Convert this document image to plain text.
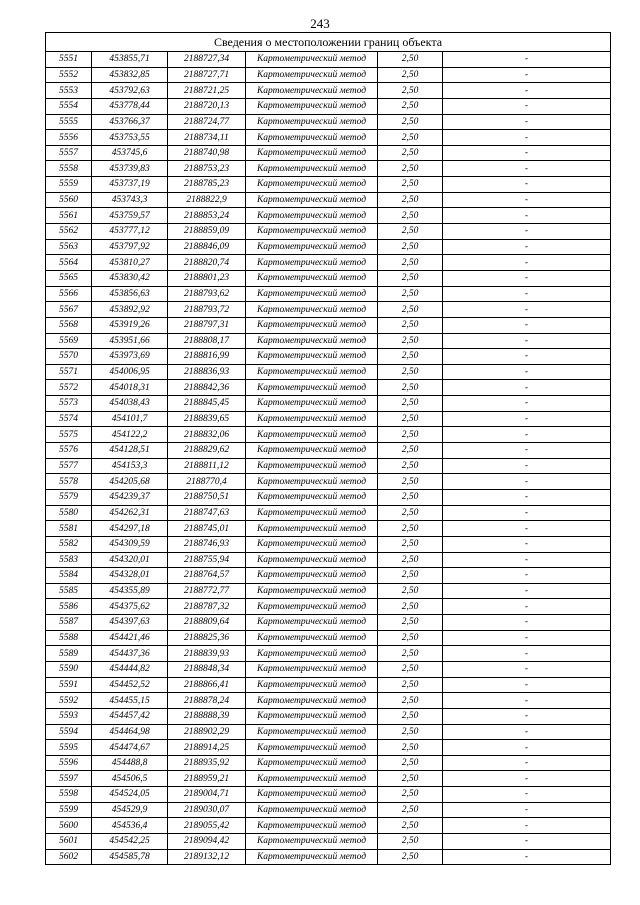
243
Сведения о местоположении границ объекта					
5551	453855,71	2188727,34	Картометрический метод	2,50	-
5552	453832,85	2188727,71	Картометрический метод	2,50	-
5553	453792,63	2188721,25	Картометрический метод	2,50	-
5554	453778,44	2188720,13	Картометрический метод	2,50	-
5555	453766,37	2188724,77	Картометрический метод	2,50	-
5556	453753,55	2188734,11	Картометрический метод	2,50	-
5557	453745,6	2188740,98	Картометрический метод	2,50	-
5558	453739,83	2188753,23	Картометрический метод	2,50	-
5559	453737,19	2188785,23	Картометрический метод	2,50	-
5560	453743,3	2188822,9	Картометрический метод	2,50	-
5561	453759,57	2188853,24	Картометрический метод	2,50	-
5562	453777,12	2188859,09	Картометрический метод	2,50	-
5563	453797,92	2188846,09	Картометрический метод	2,50	-
5564	453810,27	2188820,74	Картометрический метод	2,50	-
5565	453830,42	2188801,23	Картометрический метод	2,50	-
5566	453856,63	2188793,62	Картометрический метод	2,50	-
5567	453892,92	2188793,72	Картометрический метод	2,50	-
5568	453919,26	2188797,31	Картометрический метод	2,50	-
5569	453951,66	2188808,17	Картометрический метод	2,50	-
5570	453973,69	2188816,99	Картометрический метод	2,50	-
5571	454006,95	2188836,93	Картометрический метод	2,50	-
5572	454018,31	2188842,36	Картометрический метод	2,50	-
5573	454038,43	2188845,45	Картометрический метод	2,50	-
5574	454101,7	2188839,65	Картометрический метод	2,50	-
5575	454122,2	2188832,06	Картометрический метод	2,50	-
5576	454128,51	2188829,62	Картометрический метод	2,50	-
5577	454153,3	2188811,12	Картометрический метод	2,50	-
5578	454205,68	2188770,4	Картометрический метод	2,50	-
5579	454239,37	2188750,51	Картометрический метод	2,50	-
5580	454262,31	2188747,63	Картометрический метод	2,50	-
5581	454297,18	2188745,01	Картометрический метод	2,50	-
5582	454309,59	2188746,93	Картометрический метод	2,50	-
5583	454320,01	2188755,94	Картометрический метод	2,50	-
5584	454328,01	2188764,57	Картометрический метод	2,50	-
5585	454355,89	2188772,77	Картометрический метод	2,50	-
5586	454375,62	2188787,32	Картометрический метод	2,50	-
5587	454397,63	2188809,64	Картометрический метод	2,50	-
5588	454421,46	2188825,36	Картометрический метод	2,50	-
5589	454437,36	2188839,93	Картометрический метод	2,50	-
5590	454444,82	2188848,34	Картометрический метод	2,50	-
5591	454452,52	2188866,41	Картометрический метод	2,50	-
5592	454455,15	2188878,24	Картометрический метод	2,50	-
5593	454457,42	2188888,39	Картометрический метод	2,50	-
5594	454464,98	2188902,29	Картометрический метод	2,50	-
5595	454474,67	2188914,25	Картометрический метод	2,50	-
5596	454488,8	2188935,92	Картометрический метод	2,50	-
5597	454506,5	2188959,21	Картометрический метод	2,50	-
5598	454524,05	2189004,71	Картометрический метод	2,50	-
5599	454529,9	2189030,07	Картометрический метод	2,50	-
5600	454536,4	2189055,42	Картометрический метод	2,50	-
5601	454542,25	2189094,42	Картометрический метод	2,50	-
5602	454585,78	2189132,12	Картометрический метод	2,50	-
